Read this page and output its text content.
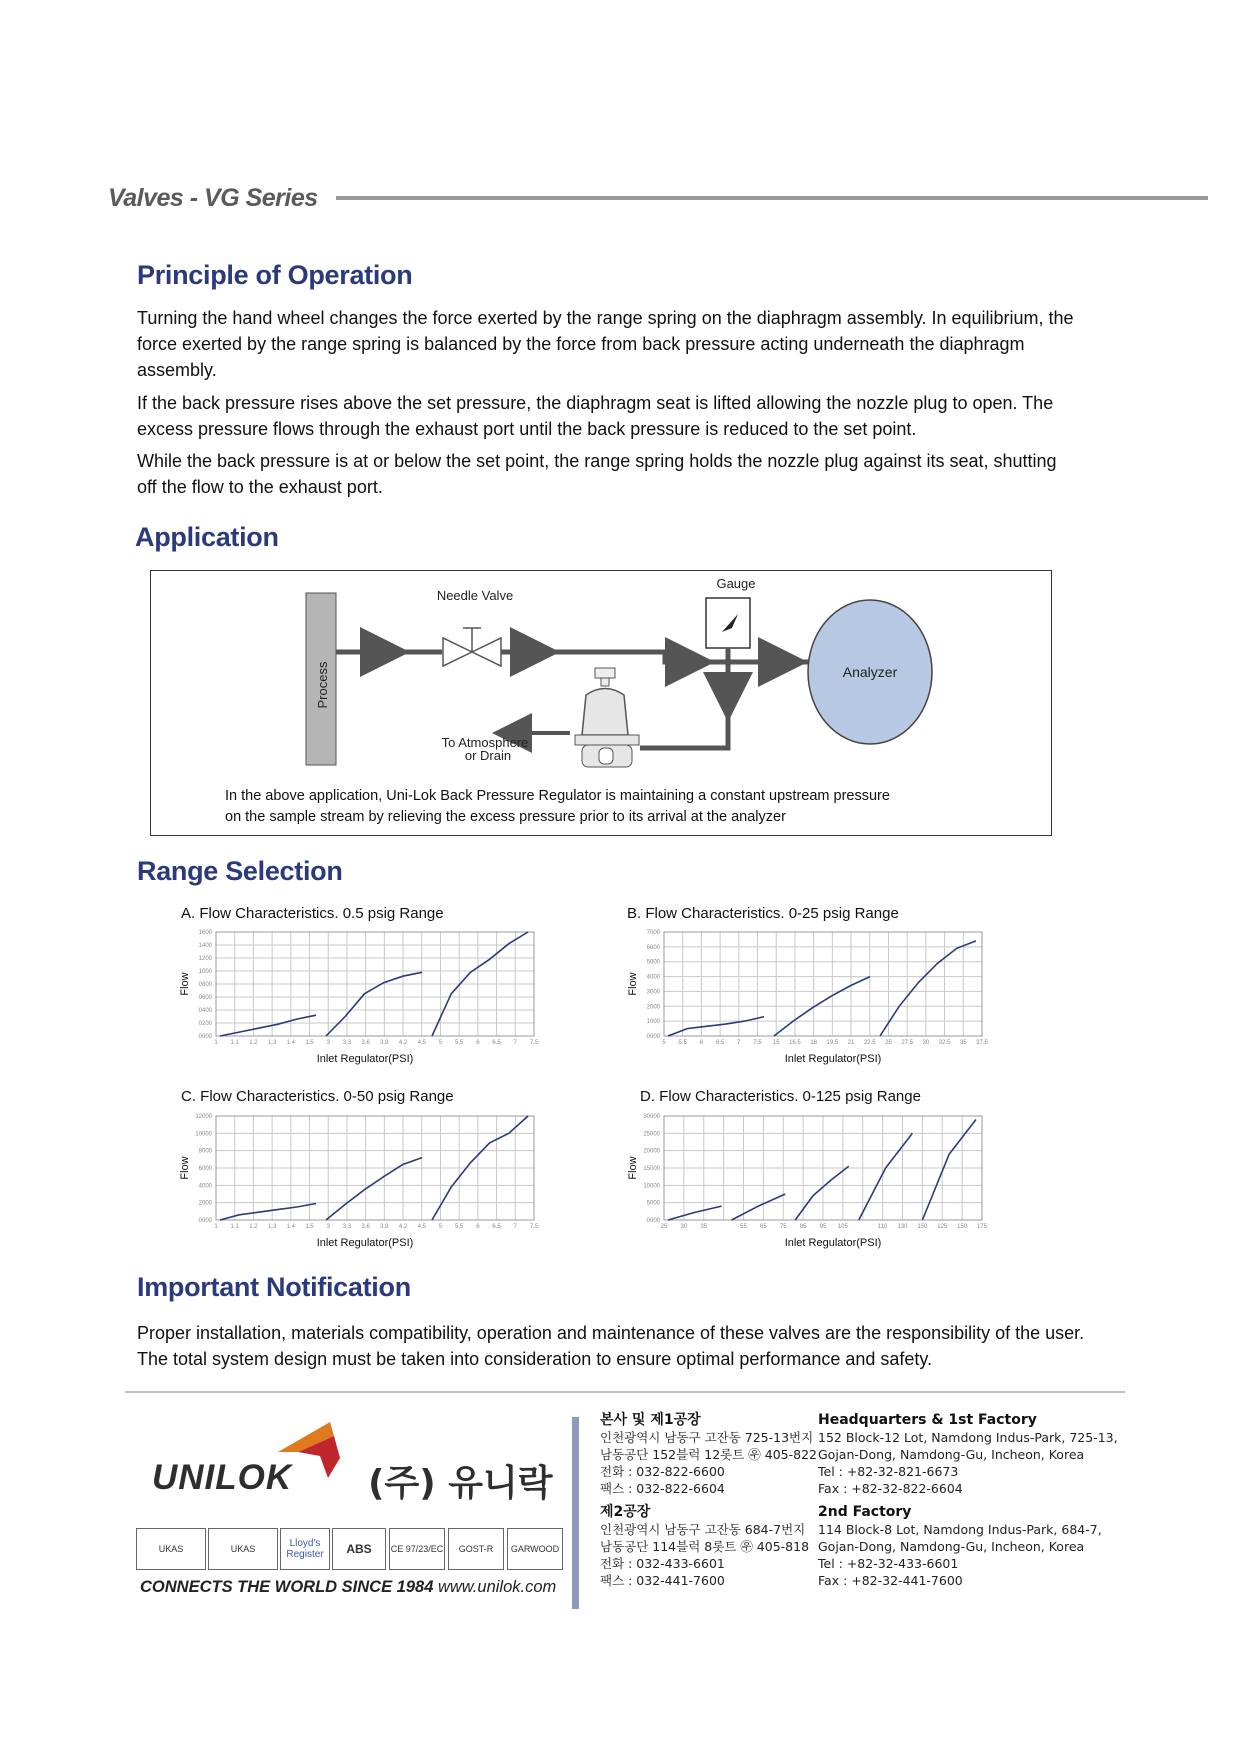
Valves - VG Series
Principle of Operation

Turning the hand wheel changes the force exerted by the range spring on the diaphragm assembly. In equilibrium, the force exerted by the range spring is balanced by the force from back pressure acting underneath the diaphragm assembly.

If the back pressure rises above the set pressure, the diaphragm seat is lifted allowing the nozzle plug to open. The excess pressure flows through the exhaust port until the back pressure is reduced to the set point.

While the back pressure is at or below the set point, the range spring holds the nozzle plug against its seat, shutting off the flow to the exhaust port.

Application
Process
Needle Valve
Gauge
To Atmosphere
or Drain
Analyzer
In the above application, Uni-Lok Back Pressure Regulator is maintaining a constant upstream pressure
on the sample stream by relieving the excess pressure prior to its arrival at the analyzer
Range Selection
A. Flow Characteristics. 0.5 psig Range
0000
0200
0400
0600
0800
1000
1200
1400
1600
1 1.1 1.2 1.3 1.4 1.5 3 3.3 3.6 3.9 4.2 4.5 5 5.5 6 6.5 7 7.5
Flow
Inlet Regulator(PSI)
B. Flow Characteristics. 0-25 psig Range
0000
1000
2000
3000
4000
5000
6000
7000
5 5.5 6 6.5 7 7.5 15 16.5 18 19.5 21 22.5 25 27.5 30 32.5 35 37.5
Flow
Inlet Regulator(PSI)
C. Flow Characteristics. 0-50 psig Range
0000
2000
4000
6000
8000
10000
12000
1 1.1 1.2 1.3 1.4 1.5 3 3.3 3.6 3.9 4.2 4.5 5 5.5 6 6.5 7 7.5
Flow
Inlet Regulator(PSI)
D. Flow Characteristics. 0-125 psig Range
0000
5000
10000
15000
20000
25000
30000
25 30 35	55 65 75 85 95 105	110 130 150 125 150 175
Flow
Inlet Regulator(PSI)
Important Notification

Proper installation, materials compatibility, operation and maintenance of these valves are the responsibility of the user. The total system design must be taken into consideration to ensure optimal performance and safety.

UNILOK (주) 유니락
UKAS	UKAS	Lloyd's Register	ABS	CE 97/23/EC	GOST-R	GARWOOD
CONNECTS THE WORLD SINCE 1984 www.unilok.com
본사 및 제1공장
인천광역시 남동구 고잔동 725-13번지
남동공단 152블럭 12롯트 ㉾ 405-822
전화 : 032-822-6600
팩스 : 032-822-6604
제2공장
인천광역시 남동구 고잔동 684-7번지
남동공단 114블럭 8롯트 ㉾ 405-818
전화 : 032-433-6601
팩스 : 032-441-7600
Headquarters & 1st Factory
152 Block-12 Lot, Namdong Indus-Park, 725-13,
Gojan-Dong, Namdong-Gu, Incheon, Korea
Tel : +82-32-821-6673
Fax : +82-32-822-6604
2nd Factory
114 Block-8 Lot, Namdong Indus-Park, 684-7,
Gojan-Dong, Namdong-Gu, Incheon, Korea
Tel : +82-32-433-6601
Fax : +82-32-441-7600
